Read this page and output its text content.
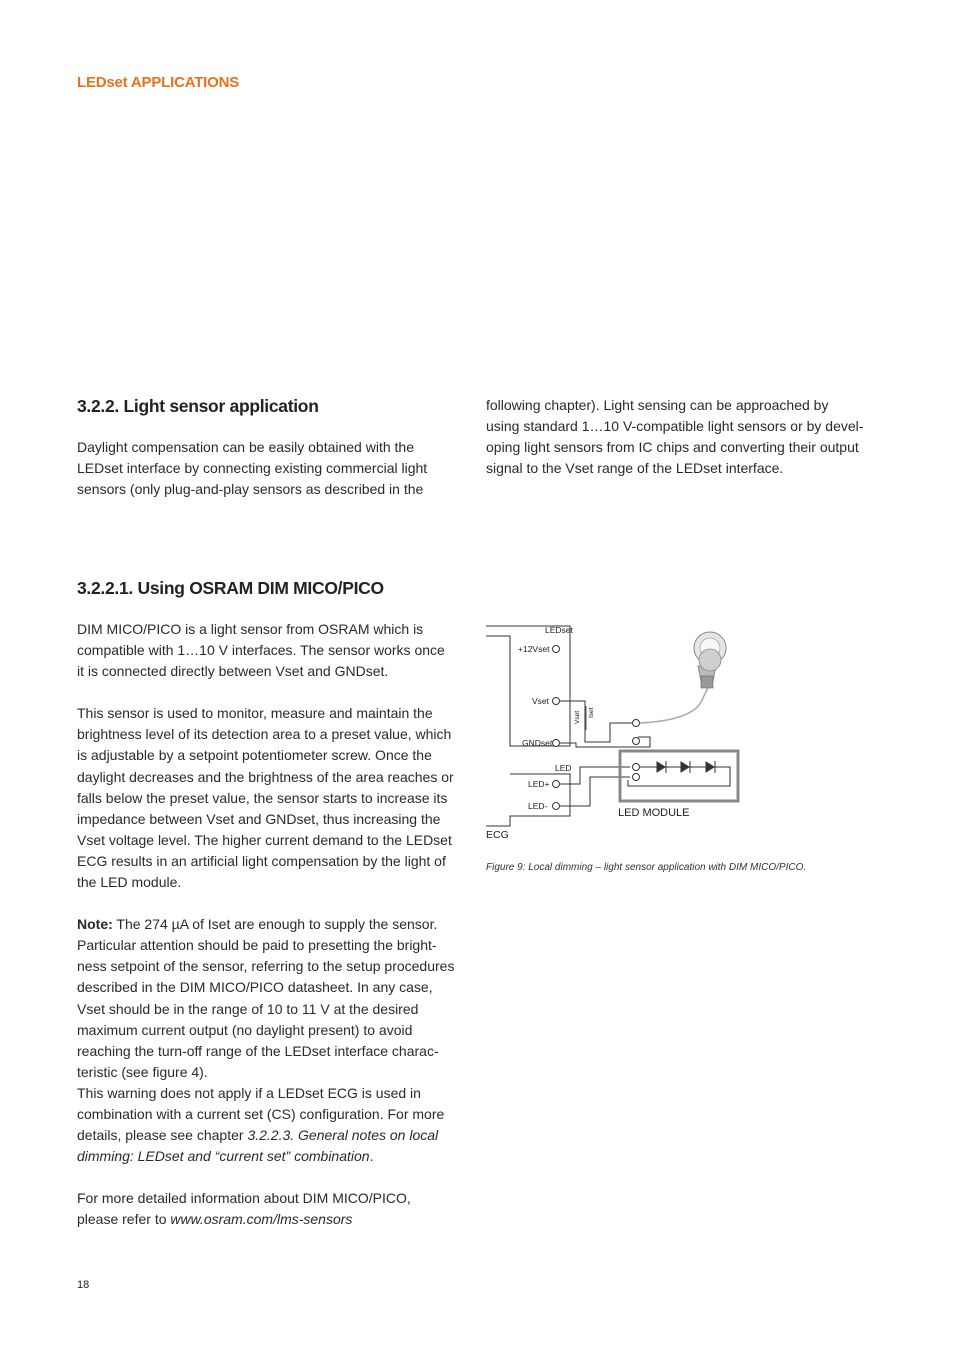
LEDset APPLICATIONS
3.2.2. Light sensor application

Daylight compensation can be easily obtained with the
LEDset interface by connecting existing commercial light
sensors (only plug-and-play sensors as described in the

following chapter). Light sensing can be approached by
using standard 1…10 V-compatible light sensors or by devel-
oping light sensors from IC chips and converting their output
signal to the Vset range of the LEDset interface.

3.2.2.1. Using OSRAM DIM MICO/PICO

DIM MICO/PICO is a light sensor from OSRAM which is
compatible with 1…10 V interfaces. The sensor works once
it is connected directly between Vset and GNDset.

This sensor is used to monitor, measure and maintain the
brightness level of its detection area to a preset value, which
is adjustable by a setpoint potentiometer screw. Once the
daylight decreases and the brightness of the area reaches or
falls below the preset value, the sensor starts to increase its
impedance between Vset and GNDset, thus increasing the
Vset voltage level. The higher current demand to the LEDset
ECG results in an artificial light compensation by the light of
the LED module.

Note: The 274 µA of Iset are enough to supply the sensor.
Particular attention should be paid to presetting the bright-
ness setpoint of the sensor, referring to the setup procedures
described in the DIM MICO/PICO datasheet. In any case,
Vset should be in the range of 10 to 11 V at the desired
maximum current output (no daylight present) to avoid
reaching the turn-off range of the LEDset interface charac-
teristic (see figure 4).
This warning does not apply if a LEDset ECG is used in
combination with a current set (CS) configuration. For more
details, please see chapter 3.2.2.3. General notes on local
dimming: LEDset and “current set” combination.

For more detailed information about DIM MICO/PICO,
please refer to www.osram.com/lms-sensors

LEDset
+12Vset
Vset
GNDset
LED
LED+
LED-
LED MODULE
ECG
Vset Iset
Figure 9: Local dimming – light sensor application with DIM MICO/PICO.
18
